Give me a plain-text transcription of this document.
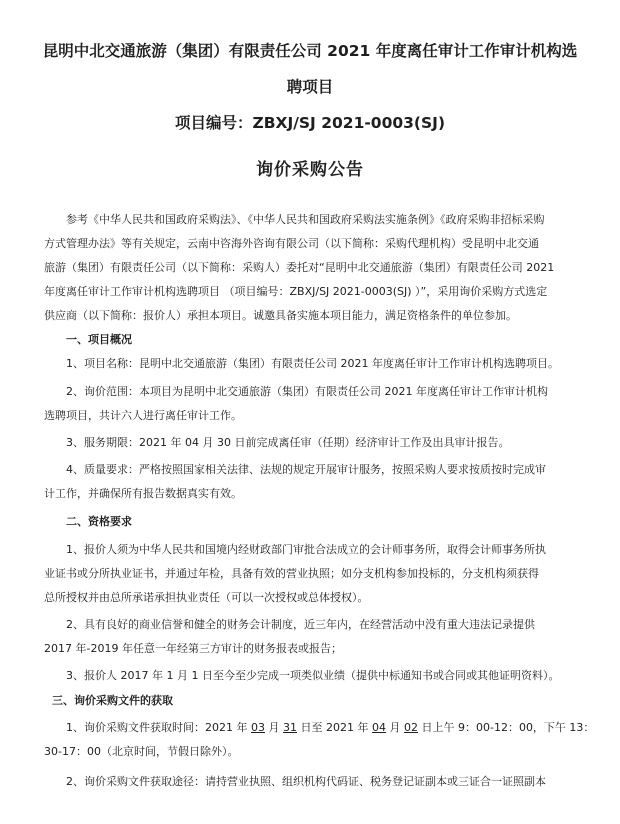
昆明中北交通旅游（集团）有限责任公司 2021 年度离任审计工作审计机构选
聘项目
项目编号：ZBXJ/SJ 2021-0003(SJ)
询价采购公告
参考《中华人民共和国政府采购法》、《中华人民共和国政府采购法实施条例》《政府采购非招标采购
方式管理办法》等有关规定，云南中咨海外咨询有限公司（以下简称：采购代理机构）受昆明中北交通
旅游（集团）有限责任公司（以下简称：采购人）委托对“昆明中北交通旅游（集团）有限责任公司 2021
年度离任审计工作审计机构选聘项目 （项目编号：ZBXJ/SJ 2021-0003(SJ) ）”，采用询价采购方式选定
供应商（以下简称：报价人）承担本项目。诚邀具备实施本项目能力，满足资格条件的单位参加。
一、项目概况
1、项目名称：昆明中北交通旅游（集团）有限责任公司 2021 年度离任审计工作审计机构选聘项目。
2、询价范围：本项目为昆明中北交通旅游（集团）有限责任公司 2021 年度离任审计工作审计机构
选聘项目，共计六人进行离任审计工作。
3、服务期限：2021 年 04 月 30 日前完成离任审（任期）经济审计工作及出具审计报告。
4、质量要求：严格按照国家相关法律、法规的规定开展审计服务，按照采购人要求按质按时完成审
计工作，并确保所有报告数据真实有效。
二、资格要求
1、报价人须为中华人民共和国境内经财政部门审批合法成立的会计师事务所，取得会计师事务所执
业证书或分所执业证书，并通过年检，具备有效的营业执照；如分支机构参加投标的，分支机构须获得
总所授权并由总所承诺承担执业责任（可以一次授权或总体授权）。
2、具有良好的商业信誉和健全的财务会计制度，近三年内，在经营活动中没有重大违法记录提供
2017 年-2019 年任意一年经第三方审计的财务报表或报告；
3、报价人 2017 年 1 月 1 日至今至少完成一项类似业绩（提供中标通知书或合同或其他证明资料）。
三、询价采购文件的获取
1、询价采购文件获取时间：2021 年 03 月 31 日至 2021 年 04 月 02 日上午 9：00-12：00，下午 13：
30-17：00（北京时间，节假日除外）。
2、询价采购文件获取途径：请持营业执照、组织机构代码证、税务登记证副本或三证合一证照副本
